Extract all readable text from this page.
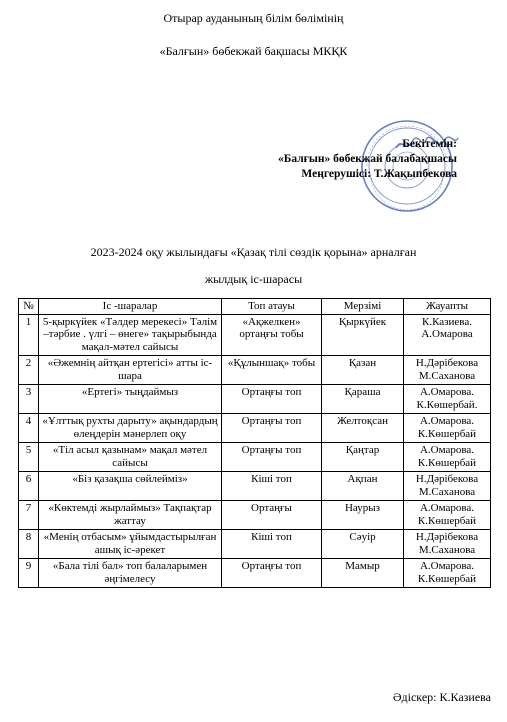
Отырар ауданының білім бөлімінің
«Балғын» бөбекжай бақшасы МКҚК
Бекітемін:
«Балғын» бөбекжай балабақшасы
Меңгерушісі: Т.Жақыпбекова
2023-2024 оқу жылындағы «Қазақ тілі сөздік қорына» арналған
жылдық іс-шарасы
№	Іс -шаралар	Топ атауы	Мерзімі	Жауапты
1	5-қыркүйек «Тәлдер мерекесі» Тәлім –тәрбие . үлгі – өнеге» тақырыбында мақал-мәтел сайысы	«Ақжелкен» ортаңғы тобы	Қыркүйек	К.Казиева. А.Омарова
2	«Әжемнің айтқан ертегісі» атты іс-шара	«Құлыншақ» тобы	Қазан	Н.Дәрібекова М.Саханова
3	«Ертегі» тыңдаймыз	Ортаңғы топ	Қараша	А.Омарова. К.Көшербай.
4	«Ұлттық рухты дарыту» ақындардың өлеңдерін мәнерлеп оқу	Ортаңғы топ	Желтоқсан	А.Омарова. К.Көшербай
5	«Тіл асыл қазынам» мақал мәтел сайысы	Ортаңғы топ	Қаңтар	А.Омарова. К.Көшербай
6	«Біз қазақша сөйлейміз»	Кіші топ	Ақпан	Н.Дәрібекова М.Саханова
7	«Көктемді жырлаймыз» Тақпақтар жаттау	Ортаңғы	Наурыз	А.Омарова. К.Көшербай
8	«Менің отбасым» ұйымдастырылған ашық іс-әрекет	Кіші топ	Сәуір	Н.Дәрібекова М.Саханова
9	«Бала тілі бал» топ балаларымен әңгімелесу	Ортаңғы топ	Мамыр	А.Омарова. К.Көшербай
Әдіскер: К.Казиева
